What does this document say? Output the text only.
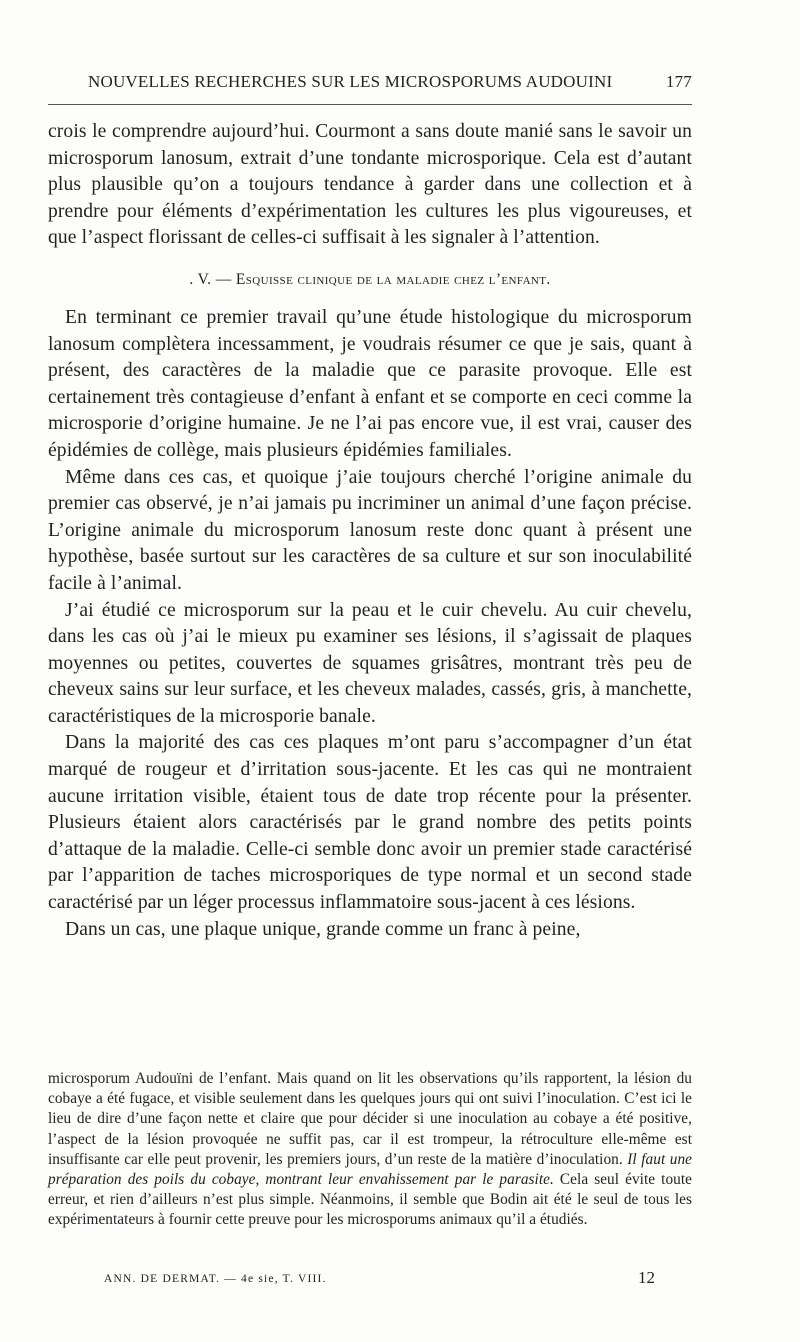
NOUVELLES RECHERCHES SUR LES MICROSPORUMS AUDOUINI	177

crois le comprendre aujourd’hui. Courmont a sans doute manié sans le savoir un microsporum lanosum, extrait d’une tondante microsporique. Cela est d’autant plus plausible qu’on a toujours tendance à garder dans une collection et à prendre pour éléments d’expérimentation les cultures les plus vigoureuses, et que l’aspect florissant de celles-ci suffisait à les signaler à l’attention.

. V. — Esquisse clinique de la maladie chez l’enfant.

En terminant ce premier travail qu’une étude histologique du microsporum lanosum complètera incessamment, je voudrais résumer ce que je sais, quant à présent, des caractères de la maladie que ce parasite provoque. Elle est certainement très contagieuse d’enfant à enfant et se comporte en ceci comme la microsporie d’origine humaine. Je ne l’ai pas encore vue, il est vrai, causer des épidémies de collège, mais plusieurs épidémies familiales.

Même dans ces cas, et quoique j’aie toujours cherché l’origine animale du premier cas observé, je n’ai jamais pu incriminer un animal d’une façon précise. L’origine animale du microsporum lanosum reste donc quant à présent une hypothèse, basée surtout sur les caractères de sa culture et sur son inoculabilité facile à l’animal.

J’ai étudié ce microsporum sur la peau et le cuir chevelu. Au cuir chevelu, dans les cas où j’ai le mieux pu examiner ses lésions, il s’agissait de plaques moyennes ou petites, couvertes de squames grisâtres, montrant très peu de cheveux sains sur leur surface, et les cheveux malades, cassés, gris, à manchette, caractéristiques de la microsporie banale.

Dans la majorité des cas ces plaques m’ont paru s’accompagner d’un état marqué de rougeur et d’irritation sous-jacente. Et les cas qui ne montraient aucune irritation visible, étaient tous de date trop récente pour la présenter. Plusieurs étaient alors caractérisés par le grand nombre des petits points d’attaque de la maladie. Celle-ci semble donc avoir un premier stade caractérisé par l’apparition de taches microsporiques de type normal et un second stade caractérisé par un léger processus inflammatoire sous-jacent à ces lésions.

Dans un cas, une plaque unique, grande comme un franc à peine,

microsporum Audouïni de l’enfant. Mais quand on lit les observations qu’ils rapportent, la lésion du cobaye a été fugace, et visible seulement dans les quelques jours qui ont suivi l’inoculation. C’est ici le lieu de dire d’une façon nette et claire que pour décider si une inoculation au cobaye a été positive, l’aspect de la lésion provoquée ne suffit pas, car il est trompeur, la rétroculture elle-même est insuffisante car elle peut provenir, les premiers jours, d’un reste de la matière d’inoculation. Il faut une préparation des poils du cobaye, montrant leur envahissement par le parasite. Cela seul évite toute erreur, et rien d’ailleurs n’est plus simple. Néanmoins, il semble que Bodin ait été le seul de tous les expérimentateurs à fournir cette preuve pour les microsporums animaux qu’il a étudiés.

ANN. DE DERMAT. — 4e sie, T. VIII.	12
